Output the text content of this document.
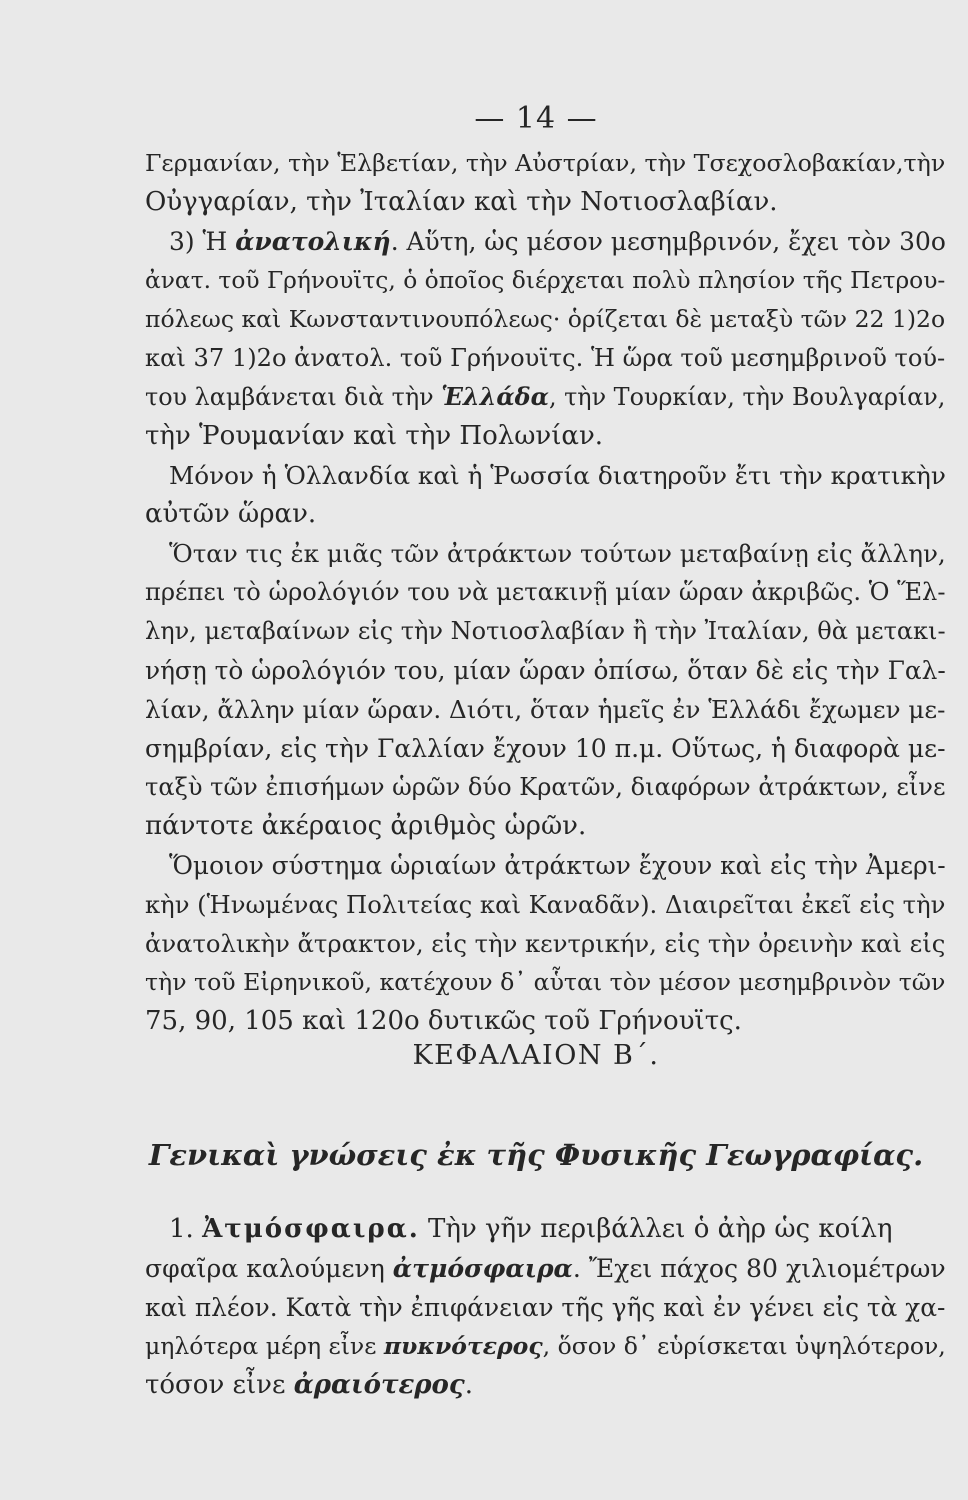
— 14 —
Γερμανίαν, τὴν Ἑλβετίαν, τὴν Αὐστρίαν, τὴν Τσεχοσλοβακίαν,τὴν
Οὐγγαρίαν, τὴν Ἰταλίαν καὶ τὴν Νοτιοσλαβίαν.
3) Ἡ ἀνατολική. Αὕτη, ὡς μέσον μεσημβρινόν, ἔχει τὸν 30ο
ἀνατ. τοῦ Γρήνουϊτς, ὁ ὁποῖος διέρχεται πολὺ πλησίον τῆς Πετρου-
πόλεως καὶ Κωνσταντινουπόλεως· ὁρίζεται δὲ μεταξὺ τῶν 22 1)2ο
καὶ 37 1)2ο ἀνατολ. τοῦ Γρήνουϊτς. Ἡ ὥρα τοῦ μεσημβρινοῦ τού-
του λαμβάνεται διὰ τὴν Ἑλλάδα, τὴν Τουρκίαν, τὴν Βουλγαρίαν,
τὴν Ῥουμανίαν καὶ τὴν Πολωνίαν.
Μόνον ἡ Ὁλλανδία καὶ ἡ Ῥωσσία διατηροῦν ἔτι τὴν κρατικὴν
αὐτῶν ὥραν.
Ὅταν τις ἐκ μιᾶς τῶν ἀτράκτων τούτων μεταβαίνῃ εἰς ἄλλην,
πρέπει τὸ ὡρολόγιόν του νὰ μετακινῇ μίαν ὥραν ἀκριβῶς. Ὁ Ἕλ-
λην, μεταβαίνων εἰς τὴν Νοτιοσλαβίαν ἢ τὴν Ἰταλίαν, θὰ μετακι-
νήσῃ τὸ ὡρολόγιόν του, μίαν ὥραν ὀπίσω, ὅταν δὲ εἰς τὴν Γαλ-
λίαν, ἄλλην μίαν ὥραν. Διότι, ὅταν ἡμεῖς ἐν Ἑλλάδι ἔχωμεν με-
σημβρίαν, εἰς τὴν Γαλλίαν ἔχουν 10 π.μ. Οὕτως, ἡ διαφορὰ με-
ταξὺ τῶν ἐπισήμων ὡρῶν δύο Κρατῶν, διαφόρων ἀτράκτων, εἶνε
πάντοτε ἀκέραιος ἀριθμὸς ὡρῶν.
Ὅμοιον σύστημα ὡριαίων ἀτράκτων ἔχουν καὶ εἰς τὴν Ἀμερι-
κὴν (Ἡνωμένας Πολιτείας καὶ Καναδᾶν). Διαιρεῖται ἐκεῖ εἰς τὴν
ἀνατολικὴν ἄτρακτον, εἰς τὴν κεντρικήν, εἰς τὴν ὀρεινὴν καὶ εἰς
τὴν τοῦ Εἰρηνικοῦ, κατέχουν δ᾽ αὗται τὸν μέσον μεσημβρινὸν τῶν
75, 90, 105 καὶ 120ο δυτικῶς τοῦ Γρήνουϊτς.
ΚΕΦΑΛΑΙΟΝ Β΄.
Γενικαὶ γνώσεις ἐκ τῆς Φυσικῆς Γεωγραφίας.
1. Ἀτμόσφαιρα. Τὴν γῆν περιβάλλει ὁ ἀὴρ ὡς κοίλη
σφαῖρα καλούμενη ἀτμόσφαιρα. Ἔχει πάχος 80 χιλιομέτρων
καὶ πλέον. Κατὰ τὴν ἐπιφάνειαν τῆς γῆς καὶ ἐν γένει εἰς τὰ χα-
μηλότερα μέρη εἶνε πυκνότερος, ὅσον δ᾽ εὑρίσκεται ὑψηλότερον,
τόσον εἶνε ἀραιότερος.
